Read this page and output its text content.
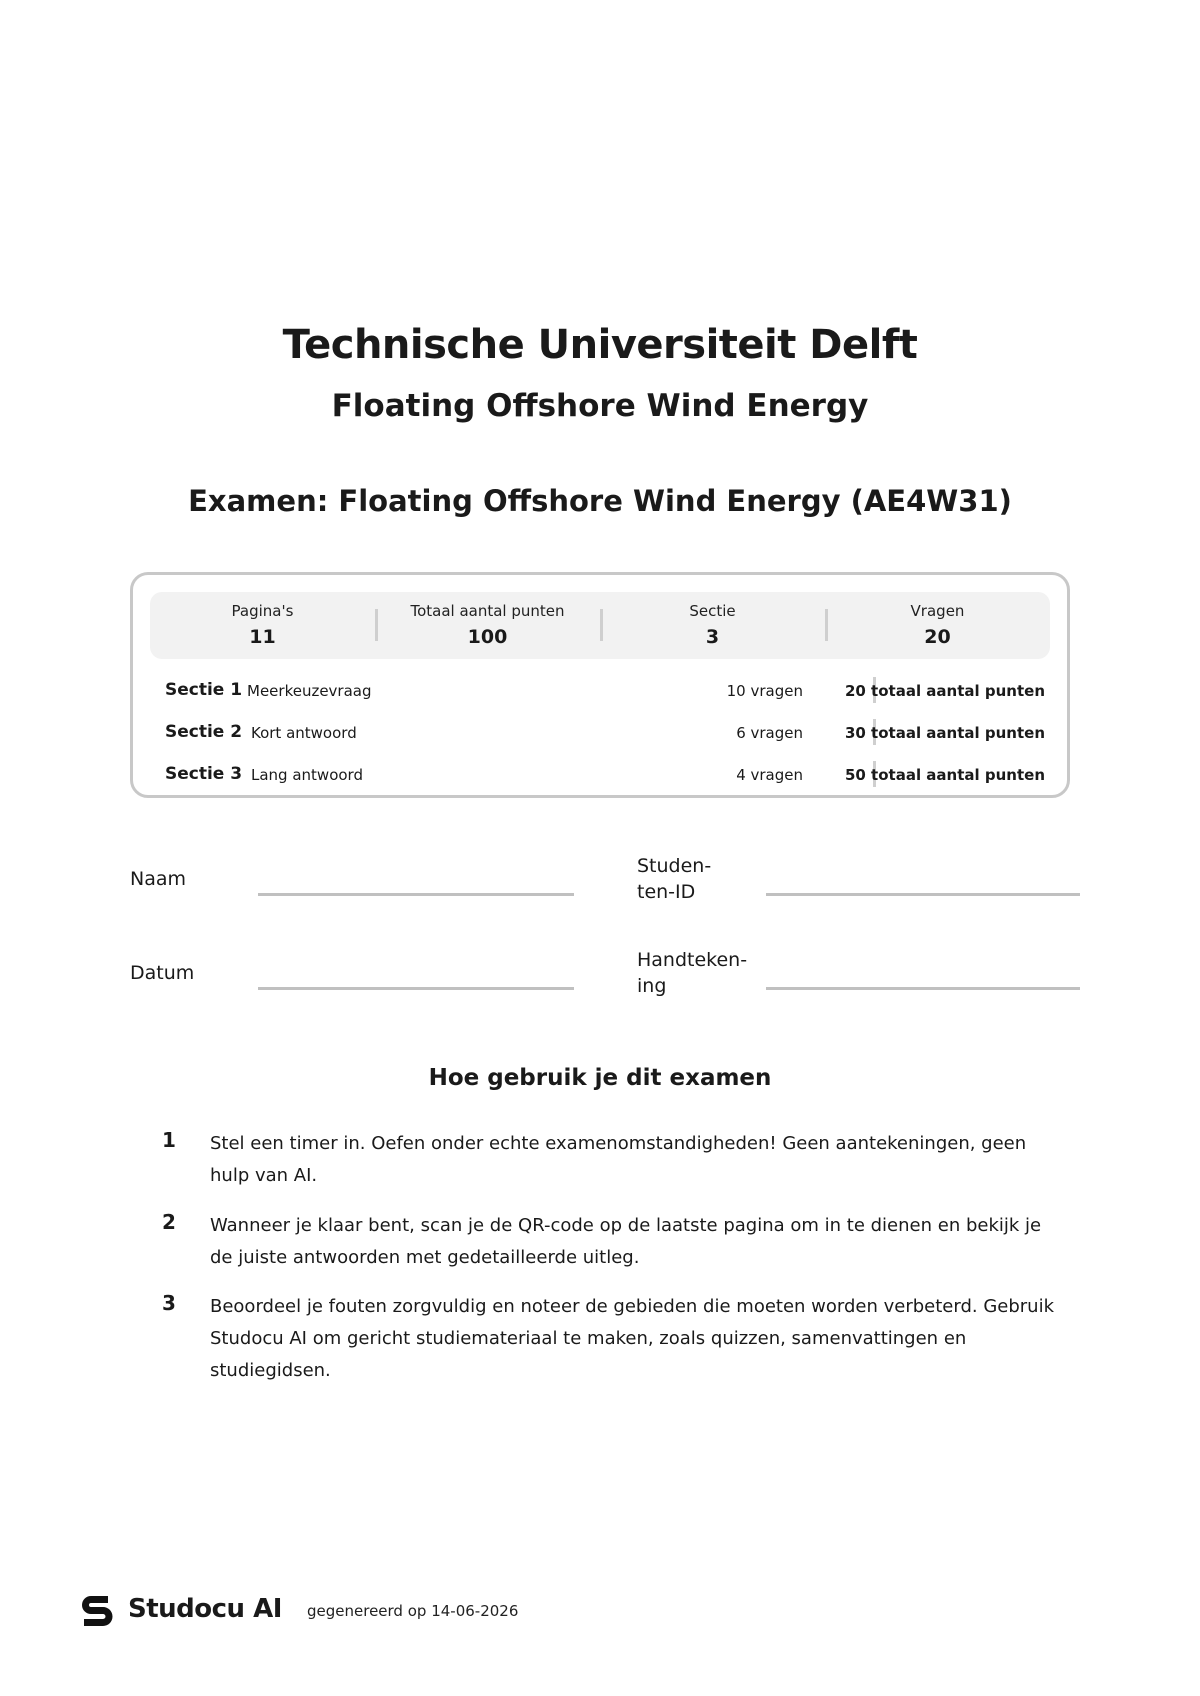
Technische Universiteit Delft
Floating Offshore Wind Energy
Examen: Floating Offshore Wind Energy (AE4W31)
Pagina's
11
Totaal aantal punten
100
Sectie
3
Vragen
20
Sectie 1 Meerkeuzevraag	10 vragen	20 totaal aantal punten
Sectie 2 Kort antwoord	6 vragen	30 totaal aantal punten
Sectie 3 Lang antwoord	4 vragen	50 totaal aantal punten
Naam
Studen-
ten-ID
Datum
Handteken-
ing
Hoe gebruik je dit examen
1 Stel een timer in. Oefen onder echte examenomstandigheden! Geen aantekeningen, geen hulp van AI.
2 Wanneer je klaar bent, scan je de QR-code op de laatste pagina om in te dienen en bekijk je de juiste antwoorden met gedetailleerde uitleg.
3 Beoordeel je fouten zorgvuldig en noteer de gebieden die moeten worden verbeterd. Gebruik Studocu AI om gericht studiemateriaal te maken, zoals quizzen, samenvattingen en studiegidsen.
Studocu AI gegenereerd op 14-06-2026
